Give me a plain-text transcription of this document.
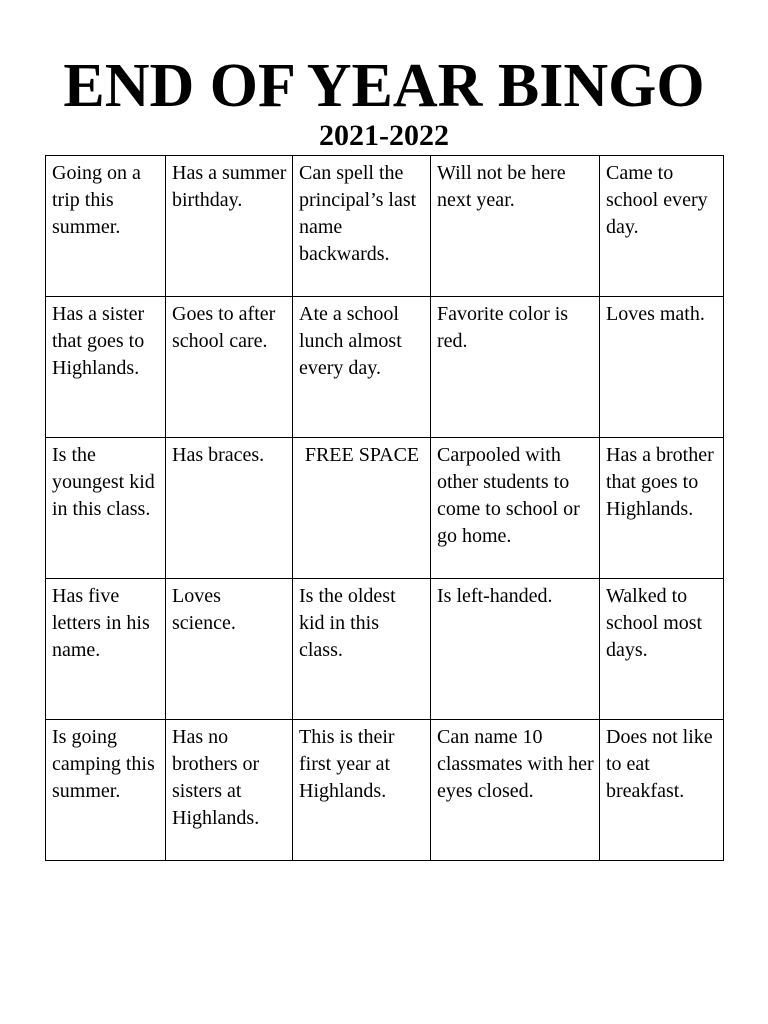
END OF YEAR BINGO
2021-2022
Going on a trip this summer.	Has a summer birthday.	Can spell the principal’s last name backwards.	Will not be here next year.	Came to school every day.
Has a sister that goes to Highlands.	Goes to after school care.	Ate a school lunch almost every day.	Favorite color is red.	Loves math.
Is the youngest kid in this class.	Has braces.	FREE SPACE	Carpooled with other students to come to school or go home.	Has a brother that goes to Highlands.
Has five letters in his name.	Loves science.	Is the oldest kid in this class.	Is left-handed.	Walked to school most days.
Is going camping this summer.	Has no brothers or sisters at Highlands.	This is their first year at Highlands.	Can name 10 classmates with her eyes closed.	Does not like to eat breakfast.
